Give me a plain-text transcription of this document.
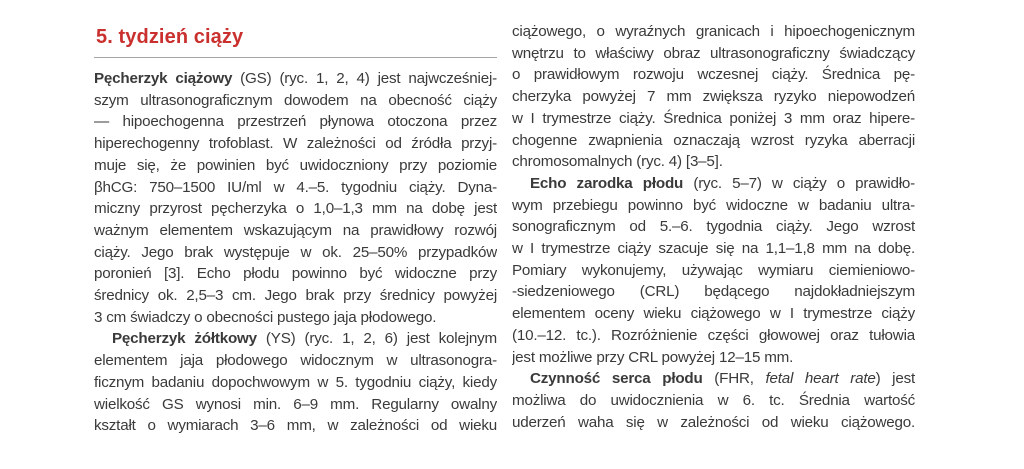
5. tydzień ciąży
Pęcherzyk ciążowy (GS) (ryc. 1, 2, 4) jest najwcześniej-
szym ultrasonograficznym dowodem na obecność ciąży
— hipoechogenna przestrzeń płynowa otoczona przez
hiperechogenny trofoblast. W zależności od źródła przyj-
muje się, że powinien być uwidoczniony przy poziomie
βhCG: 750–1500 IU/ml w 4.–5. tygodniu ciąży. Dyna-
miczny przyrost pęcherzyka o 1,0–1,3 mm na dobę jest
ważnym elementem wskazującym na prawidłowy rozwój
ciąży. Jego brak występuje w ok. 25–50% przypadków
poronień [3]. Echo płodu powinno być widoczne przy
średnicy ok. 2,5–3 cm. Jego brak przy średnicy powyżej
3 cm świadczy o obecności pustego jaja płodowego.
Pęcherzyk żółtkowy (YS) (ryc. 1, 2, 6) jest kolejnym
elementem jaja płodowego widocznym w ultrasonogra-
ficznym badaniu dopochwowym w 5. tygodniu ciąży, kiedy
wielkość GS wynosi min. 6–9 mm. Regularny owalny
kształt o wymiarach 3–6 mm, w zależności od wieku
ciążowego, o wyraźnych granicach i hipoechogenicznym
wnętrzu to właściwy obraz ultrasonograficzny świadczący
o prawidłowym rozwoju wczesnej ciąży. Średnica pę-
cherzyka powyżej 7 mm zwiększa ryzyko niepowodzeń
w I trymestrze ciąży. Średnica poniżej 3 mm oraz hipere-
chogenne zwapnienia oznaczają wzrost ryzyka aberracji
chromosomalnych (ryc. 4) [3–5].
Echo zarodka płodu (ryc. 5–7) w ciąży o prawidło-
wym przebiegu powinno być widoczne w badaniu ultra-
sonograficznym od 5.–6. tygodnia ciąży. Jego wzrost
w I trymestrze ciąży szacuje się na 1,1–1,8 mm na dobę.
Pomiary wykonujemy, używając wymiaru ciemieniowo-
-siedzeniowego (CRL) będącego najdokładniejszym
elementem oceny wieku ciążowego w I trymestrze ciąży
(10.–12. tc.). Rozróżnienie części głowowej oraz tułowia
jest możliwe przy CRL powyżej 12–15 mm.
Czynność serca płodu (FHR, fetal heart rate) jest
możliwa do uwidocznienia w 6. tc. Średnia wartość
uderzeń waha się w zależności od wieku ciążowego.
